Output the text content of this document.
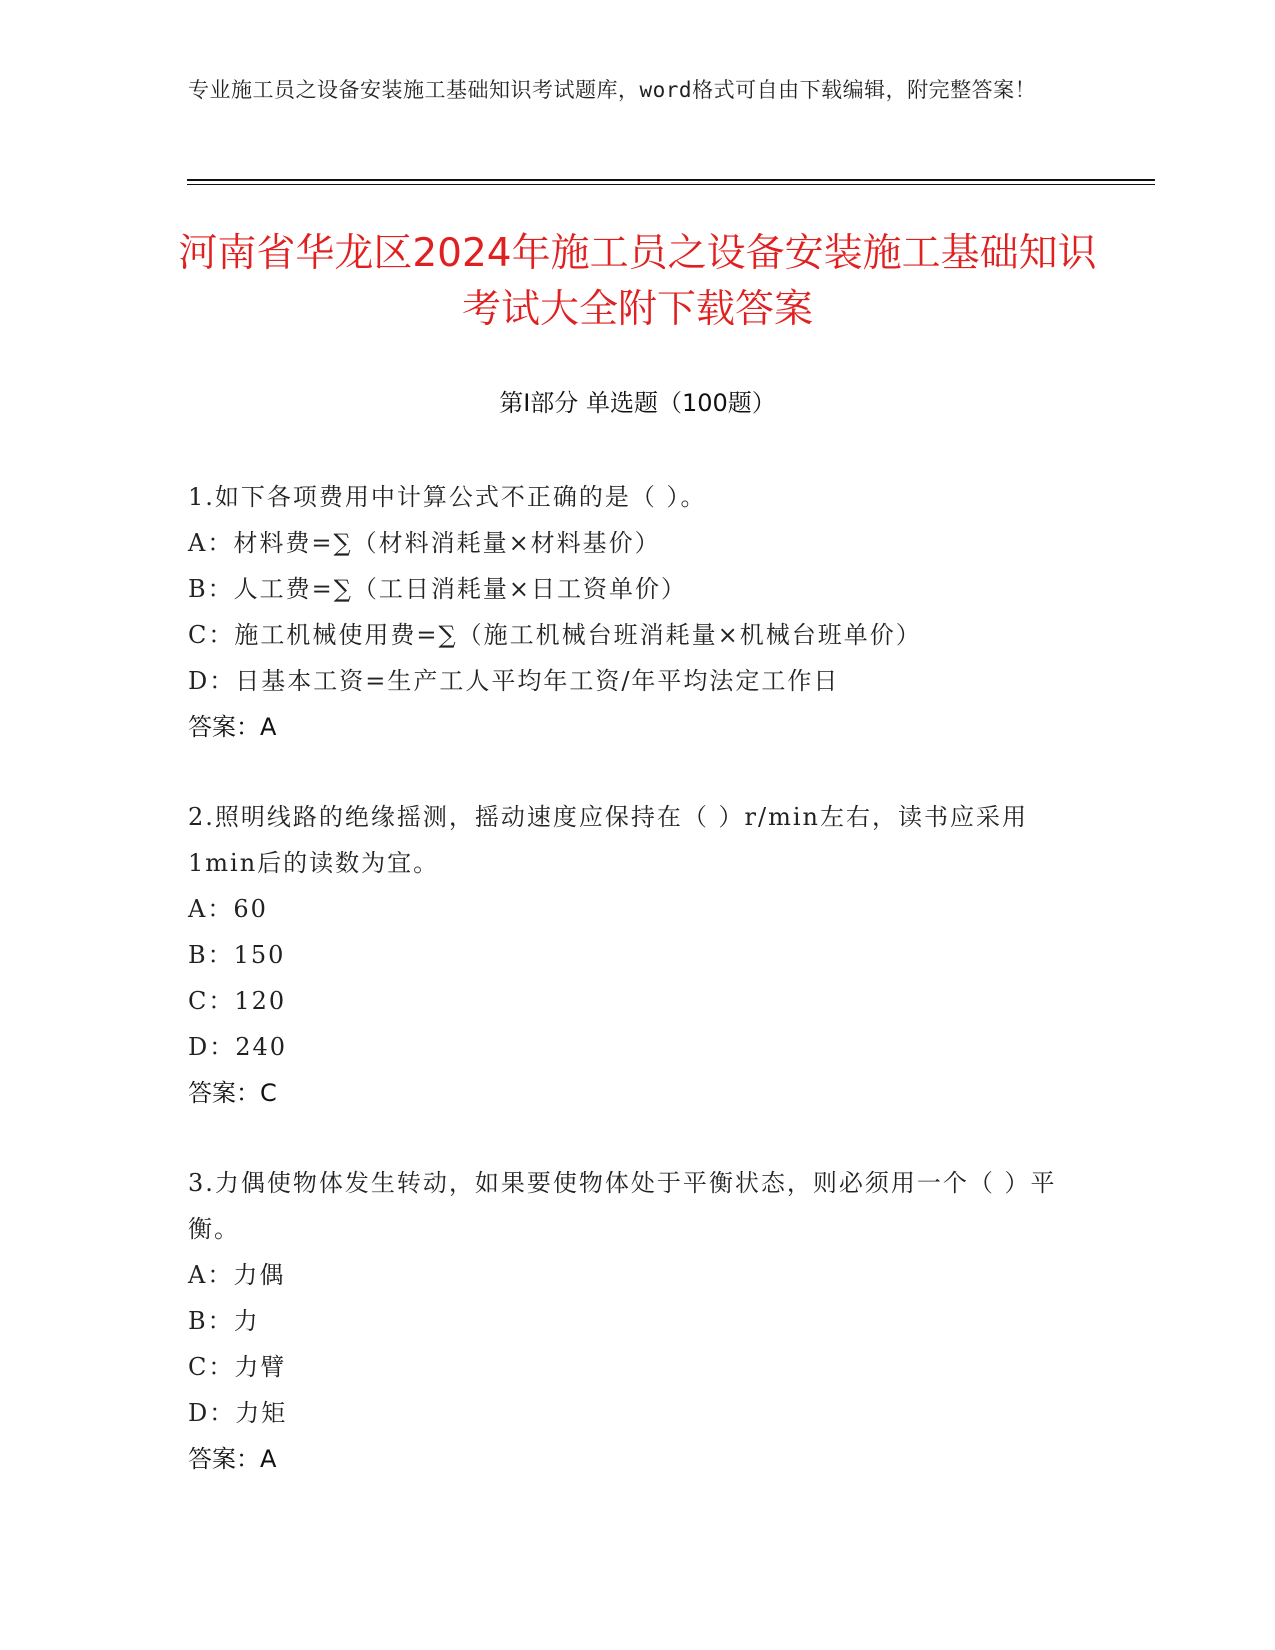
专业施工员之设备安装施工基础知识考试题库，word格式可自由下载编辑，附完整答案！
河南省华龙区2024年施工员之设备安装施工基础知识考试大全附下载答案
第Ⅰ部分 单选题（100题）
1.如下各项费用中计算公式不正确的是（ ）。
A：材料费=∑（材料消耗量×材料基价）
B：人工费=∑（工日消耗量×日工资单价）
C：施工机械使用费=∑（施工机械台班消耗量×机械台班单价）
D：日基本工资=生产工人平均年工资/年平均法定工作日
答案：A
2.照明线路的绝缘摇测，摇动速度应保持在（ ）r/min左右，读书应采用1min后的读数为宜。
A：60
B：150
C：120
D：240
答案：C
3.力偶使物体发生转动，如果要使物体处于平衡状态，则必须用一个（ ）平衡。
A：力偶
B：力
C：力臂
D：力矩
答案：A
